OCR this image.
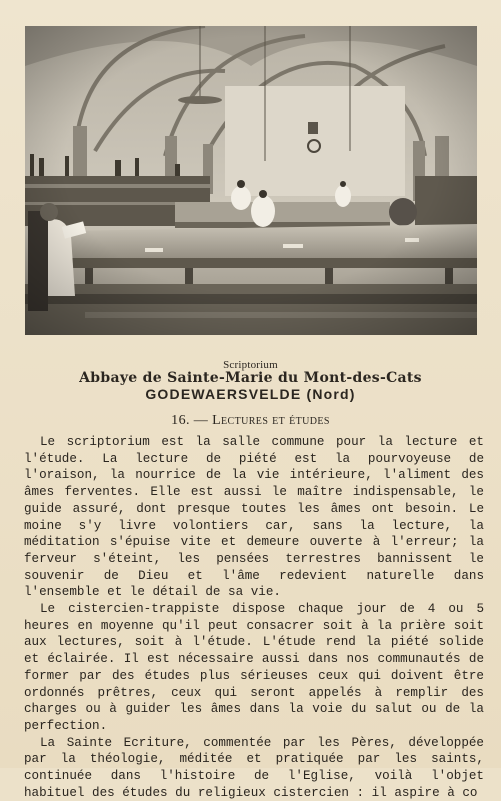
Scriptorium
Abbaye de Sainte-Marie du Mont-des-Cats
GODEWAERSVELDE (Nord)
16. — Lectures et études

Le scriptorium est la salle commune pour la lecture et l'étude. La lecture de piété est la pourvoyeuse de l'oraison, la nourrice de la vie intérieure, l'aliment des âmes ferventes. Elle est aussi le maître indispensable, le guide assuré, dont presque toutes les âmes ont besoin. Le moine s'y livre volontiers car, sans la lecture, la méditation s'épuise vite et demeure ouverte à l'erreur; la ferveur s'éteint, les pensées terrestres bannissent le souvenir de Dieu et l'âme redevient naturelle dans l'ensemble et le détail de sa vie.

Le cistercien-trappiste dispose chaque jour de 4 ou 5 heures en moyenne qu'il peut consacrer soit à la prière soit aux lectures, soit à l'étude. L'étude rend la piété solide et éclairée. Il est nécessaire aussi dans nos communautés de former par des études plus sérieuses ceux qui doivent être ordonnés prêtres, ceux qui seront appelés à remplir des charges ou à guider les âmes dans la voie du salut ou de la perfection.

La Sainte Ecriture, commentée par les Pères, développée par la théologie, méditée et pratiquée par les saints, continuée dans l'histoire de l'Eglise, voilà l'objet habituel des études du religieux cistercien : il aspire à co
